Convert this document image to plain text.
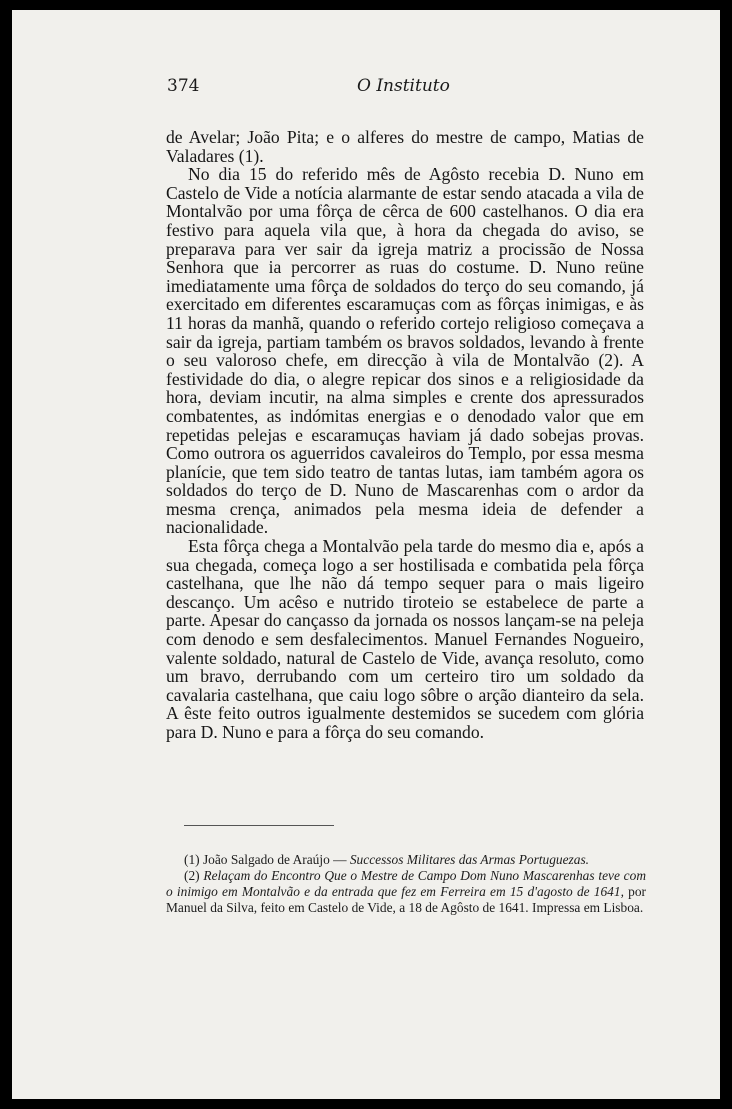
374	O Instituto

de Avelar; João Pita; e o alferes do mestre de campo, Matias de Valadares (1).

No dia 15 do referido mês de Agôsto recebia D. Nuno em Castelo de Vide a notícia alarmante de estar sendo atacada a vila de Montalvão por uma fôrça de cêrca de 600 castelhanos. O dia era festivo para aquela vila que, à hora da chegada do aviso, se preparava para ver sair da igreja matriz a procissão de Nossa Senhora que ia percorrer as ruas do costume. D. Nuno reüne imediatamente uma fôrça de soldados do terço do seu comando, já exercitado em diferentes escaramuças com as fôrças inimigas, e às 11 horas da manhã, quando o referido cortejo religioso começava a sair da igreja, partiam também os bravos soldados, levando à frente o seu valoroso chefe, em direcção à vila de Montalvão (2). A festividade do dia, o alegre repicar dos sinos e a religiosidade da hora, deviam incutir, na alma simples e crente dos apressurados combatentes, as indómitas energias e o denodado valor que em repetidas pelejas e escaramuças haviam já dado sobejas provas. Como outrora os aguerridos cavaleiros do Templo, por essa mesma planície, que tem sido teatro de tantas lutas, iam também agora os soldados do terço de D. Nuno de Mascarenhas com o ardor da mesma crença, animados pela mesma ideia de defender a nacionalidade.

Esta fôrça chega a Montalvão pela tarde do mesmo dia e, após a sua chegada, começa logo a ser hostilisada e combatida pela fôrça castelhana, que lhe não dá tempo sequer para o mais ligeiro descanço. Um acêso e nutrido tiroteio se estabelece de parte a parte. Apesar do cançasso da jornada os nossos lançam-se na peleja com denodo e sem desfalecimentos. Manuel Fernandes Nogueiro, valente soldado, natural de Castelo de Vide, avança resoluto, como um bravo, derrubando com um certeiro tiro um soldado da cavalaria castelhana, que caiu logo sôbre o arção dianteiro da sela. A êste feito outros igualmente destemidos se sucedem com glória para D. Nuno e para a fôrça do seu comando.

(1) João Salgado de Araújo — Successos Militares das Armas Portuguezas.

(2) Relaçam do Encontro Que o Mestre de Campo Dom Nuno Mascarenhas teve com o inimigo em Montalvão e da entrada que fez em Ferreira em 15 d'agosto de 1641, por Manuel da Silva, feito em Castelo de Vide, a 18 de Agôsto de 1641. Impressa em Lisboa.
